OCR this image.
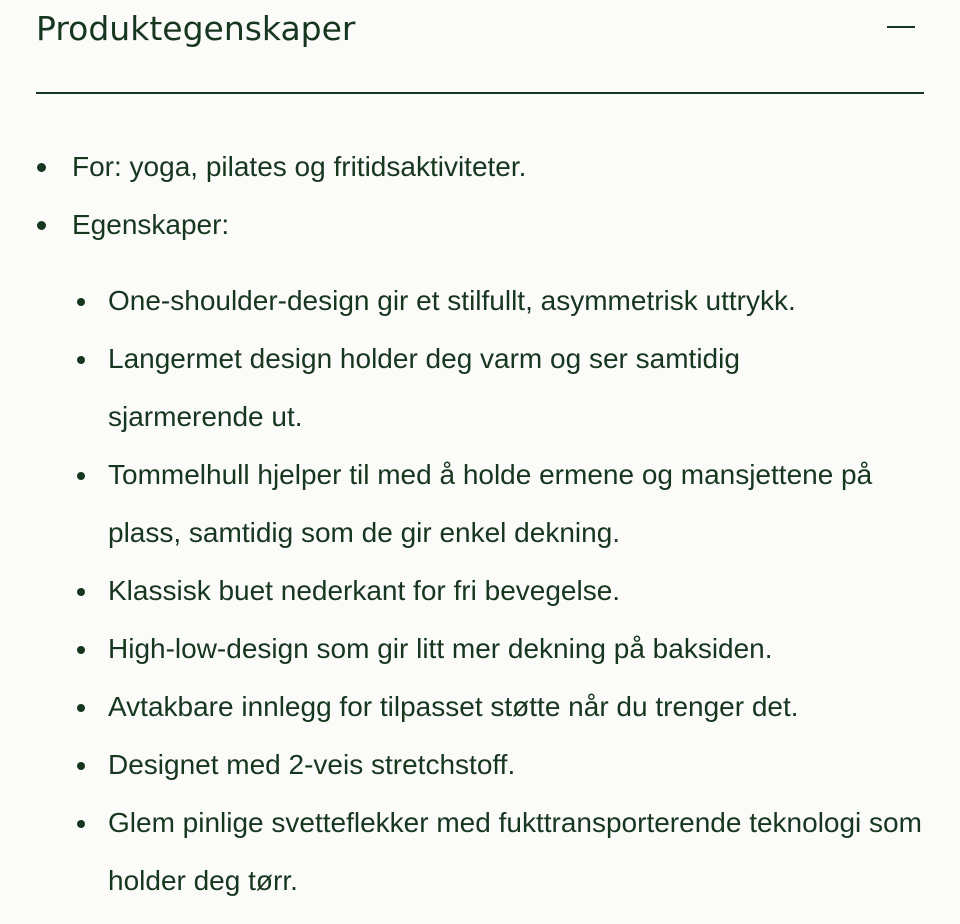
Produktegenskaper
For: yoga, pilates og fritidsaktiviteter.
Egenskaper:
One-shoulder-design gir et stilfullt, asymmetrisk uttrykk.
Langermet design holder deg varm og ser samtidig sjarmerende ut.
Tommelhull hjelper til med å holde ermene og mansjettene på plass, samtidig som de gir enkel dekning.
Klassisk buet nederkant for fri bevegelse.
High-low-design som gir litt mer dekning på baksiden.
Avtakbare innlegg for tilpasset støtte når du trenger det.
Designet med 2-veis stretchstoff.
Glem pinlige svetteflekker med fukttransporterende teknologi som holder deg tørr.
